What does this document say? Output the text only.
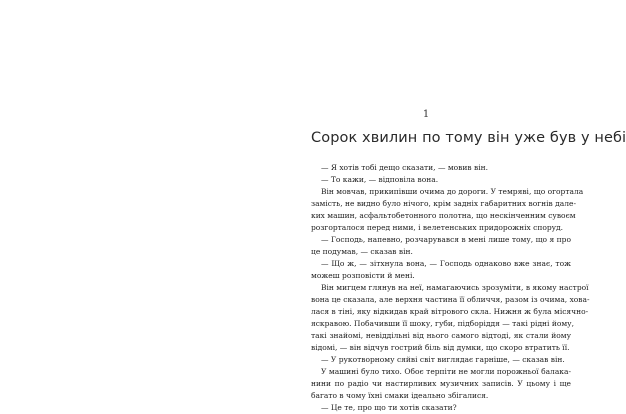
1
Сорок хвилин по тому він уже був у небі
— Я хотів тобі дещо сказати, — мовив він.
— То кажи, — відповіла вона.
Він мовчав, прикипівши очима до дороги. У темряві, що огортала
замість, не видно було нічого, крім задніх габаритних вогнів дале-
ких машин, асфальтобетонного полотна, що нескінченним сувоєм
розгорталося перед ними, і велетенських придорожніх споруд.
— Господь, напевно, розчарувався в мені лише тому, що я про
це подумав, — сказав він.
— Що ж, — зітхнула вона, — Господь однаково вже знає, тож
можеш розповісти й мені.
Він мигцем глянув на неї, намагаючись зрозуміти, в якому настрої
вона це сказала, але верхня частина її обличчя, разом із очима, хова-
лася в тіні, яку відкидав край вітрового скла. Нижня ж була місячно-
яскравою. Побачивши її шоку, губи, підборіддя — такі рідні йому,
такі знайомі, невіддільні від нього самого відтоді, як стали йому
відомі, — він відчув гострий біль від думки, що скоро втратить її.
— У рукотворному сяйві світ виглядає гарніше, — сказав він.
У машині було тихо. Обоє терпіти не могли порожньої балака-
нини по радіо чи настирливих музичних записів. У цьому і ще
багато в чому їхні смаки ідеально збігалися.
— Це те, про що ти хотів сказати?
